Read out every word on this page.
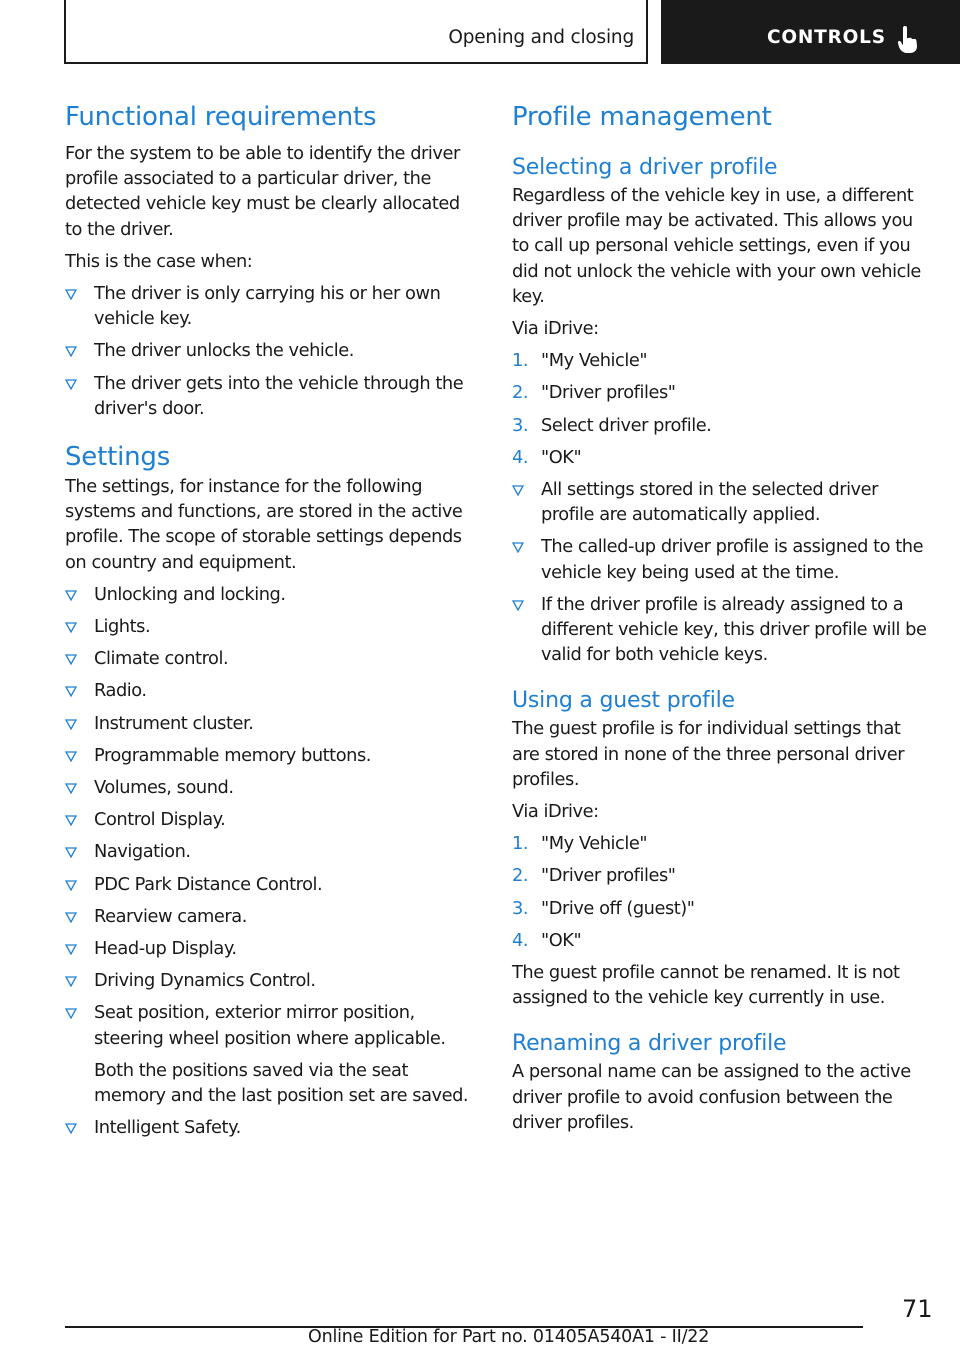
Opening and closing	CONTROLS
Functional requirements

For the system to be able to identify the driver profile associated to a particular driver, the detected vehicle key must be clearly allocated to the driver.

This is the case when:

The driver is only carrying his or her own vehicle key.
The driver unlocks the vehicle.
The driver gets into the vehicle through the driver's door.
Settings

The settings, for instance for the following systems and functions, are stored in the active profile. The scope of storable settings depends on country and equipment.

Unlocking and locking.
Lights.
Climate control.
Radio.
Instrument cluster.
Programmable memory buttons.
Volumes, sound.
Control Display.
Navigation.
PDC Park Distance Control.
Rearview camera.
Head-up Display.
Driving Dynamics Control.
Seat position, exterior mirror position, steering wheel position where applicable.
Both the positions saved via the seat memory and the last position set are saved.
Intelligent Safety.
Profile management
Selecting a driver profile

Regardless of the vehicle key in use, a different driver profile may be activated. This allows you to call up personal vehicle settings, even if you did not unlock the vehicle with your own vehicle key.

Via iDrive:

1. "My Vehicle"
2. "Driver profiles"
3. Select driver profile.
4. "OK"
All settings stored in the selected driver profile are automatically applied.
The called-up driver profile is assigned to the vehicle key being used at the time.
If the driver profile is already assigned to a different vehicle key, this driver profile will be valid for both vehicle keys.
Using a guest profile

The guest profile is for individual settings that are stored in none of the three personal driver profiles.

Via iDrive:

1. "My Vehicle"
2. "Driver profiles"
3. "Drive off (guest)"
4. "OK"

The guest profile cannot be renamed. It is not assigned to the vehicle key currently in use.

Renaming a driver profile

A personal name can be assigned to the active driver profile to avoid confusion between the driver profiles.

71
Online Edition for Part no. 01405A540A1 - II/22
